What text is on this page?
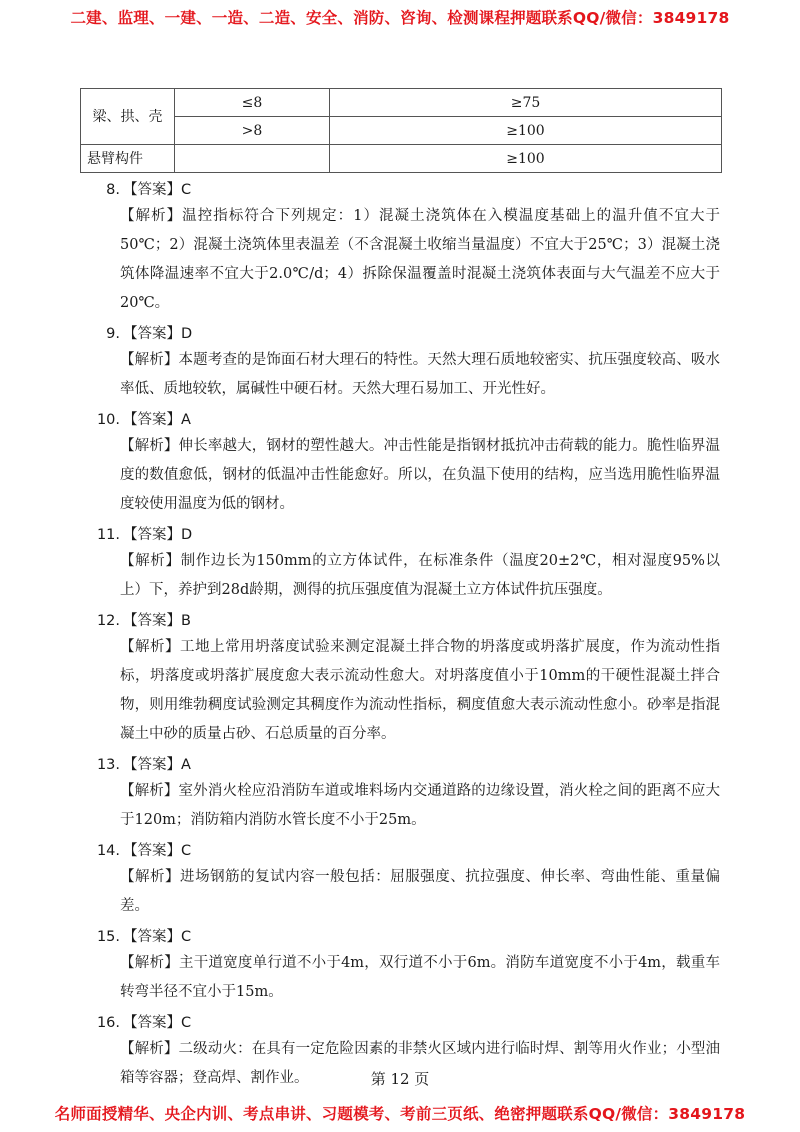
二建、监理、一建、一造、二造、安全、消防、咨询、检测课程押题联系QQ/微信：3849178
梁、拱、壳	≤8	≥75
	>8	≥100
悬臂构件		≥100
8. 【答案】C
【解析】温控指标符合下列规定：1）混凝土浇筑体在入模温度基础上的温升值不宜大于50℃；2）混凝土浇筑体里表温差（不含混凝土收缩当量温度）不宜大于25℃；3）混凝土浇筑体降温速率不宜大于2.0℃/d；4）拆除保温覆盖时混凝土浇筑体表面与大气温差不应大于20℃。
9. 【答案】D
【解析】本题考查的是饰面石材大理石的特性。天然大理石质地较密实、抗压强度较高、吸水率低、质地较软，属碱性中硬石材。天然大理石易加工、开光性好。
10. 【答案】A
【解析】伸长率越大，钢材的塑性越大。冲击性能是指钢材抵抗冲击荷载的能力。脆性临界温度的数值愈低，钢材的低温冲击性能愈好。所以，在负温下使用的结构，应当选用脆性临界温度较使用温度为低的钢材。
11. 【答案】D
【解析】制作边长为150mm的立方体试件，在标准条件（温度20±2℃，相对湿度95%以上）下，养护到28d龄期，测得的抗压强度值为混凝土立方体试件抗压强度。
12. 【答案】B
【解析】工地上常用坍落度试验来测定混凝土拌合物的坍落度或坍落扩展度，作为流动性指标，坍落度或坍落扩展度愈大表示流动性愈大。对坍落度值小于10mm的干硬性混凝土拌合物，则用维勃稠度试验测定其稠度作为流动性指标，稠度值愈大表示流动性愈小。砂率是指混凝土中砂的质量占砂、石总质量的百分率。
13. 【答案】A
【解析】室外消火栓应沿消防车道或堆料场内交通道路的边缘设置，消火栓之间的距离不应大于120m；消防箱内消防水管长度不小于25m。
14. 【答案】C
【解析】进场钢筋的复试内容一般包括：屈服强度、抗拉强度、伸长率、弯曲性能、重量偏差。
15. 【答案】C
【解析】主干道宽度单行道不小于4m，双行道不小于6m。消防车道宽度不小于4m，载重车转弯半径不宜小于15m。
16. 【答案】C
【解析】二级动火：在具有一定危险因素的非禁火区域内进行临时焊、割等用火作业；小型油箱等容器；登高焊、割作业。	第 12 页
名师面授精华、央企内训、考点串讲、习题模考、考前三页纸、绝密押题联系QQ/微信：3849178
